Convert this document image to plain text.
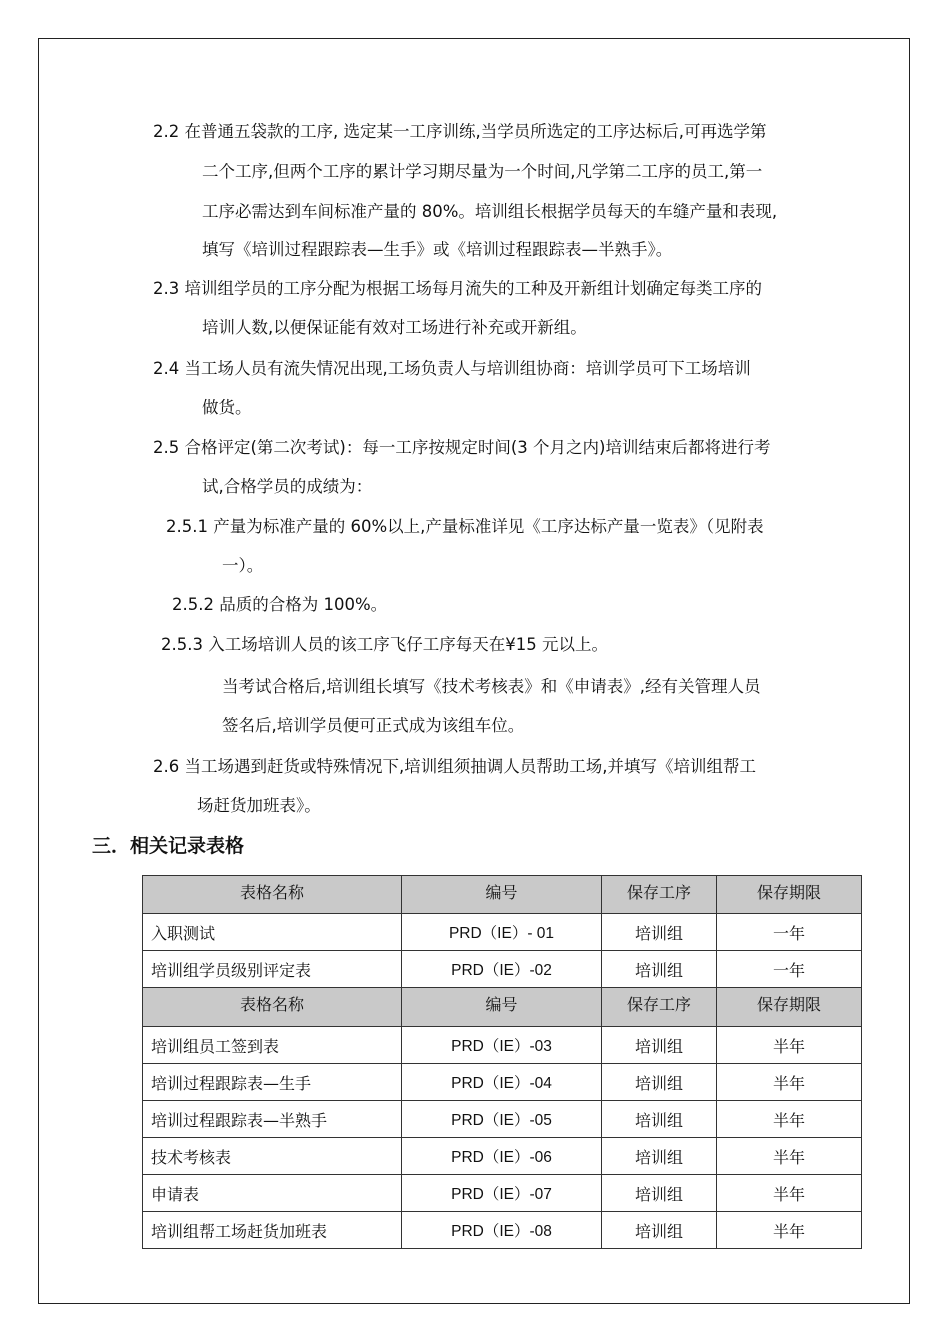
2.2 在普通五袋款的工序, 选定某一工序训练,当学员所选定的工序达标后,可再选学第
二个工序,但两个工序的累计学习期尽量为一个时间,凡学第二工序的员工,第一
工序必需达到车间标准产量的 80%。培训组长根据学员每天的车缝产量和表现,
填写《培训过程跟踪表—生手》或《培训过程跟踪表—半熟手》。
2.3 培训组学员的工序分配为根据工场每月流失的工种及开新组计划确定每类工序的
培训人数,以便保证能有效对工场进行补充或开新组。
2.4 当工场人员有流失情况出现,工场负责人与培训组协商：培训学员可下工场培训
做货。
2.5 合格评定(第二次考试)：每一工序按规定时间(3 个月之内)培训结束后都将进行考
试,合格学员的成绩为：
2.5.1 产量为标准产量的 60%以上,产量标准详见《工序达标产量一览表》（见附表
一）。
2.5.2 品质的合格为 100%。
2.5.3 入工场培训人员的该工序飞仔工序每天在¥15 元以上。
当考试合格后,培训组长填写《技术考核表》和《申请表》,经有关管理人员
签名后,培训学员便可正式成为该组车位。
2.6 当工场遇到赶货或特殊情况下,培训组须抽调人员帮助工场,并填写《培训组帮工
场赶货加班表》。
三．相关记录表格
表格名称	编号	保存工序	保存期限
入职测试	PRD（IE）- 01	培训组	一年
培训组学员级别评定表	PRD（IE）-02	培训组	一年
表格名称	编号	保存工序	保存期限
培训组员工签到表	PRD（IE）-03	培训组	半年
培训过程跟踪表—生手	PRD（IE）-04	培训组	半年
培训过程跟踪表—半熟手	PRD（IE）-05	培训组	半年
技术考核表	PRD（IE）-06	培训组	半年
申请表	PRD（IE）-07	培训组	半年
培训组帮工场赶货加班表	PRD（IE）-08	培训组	半年
